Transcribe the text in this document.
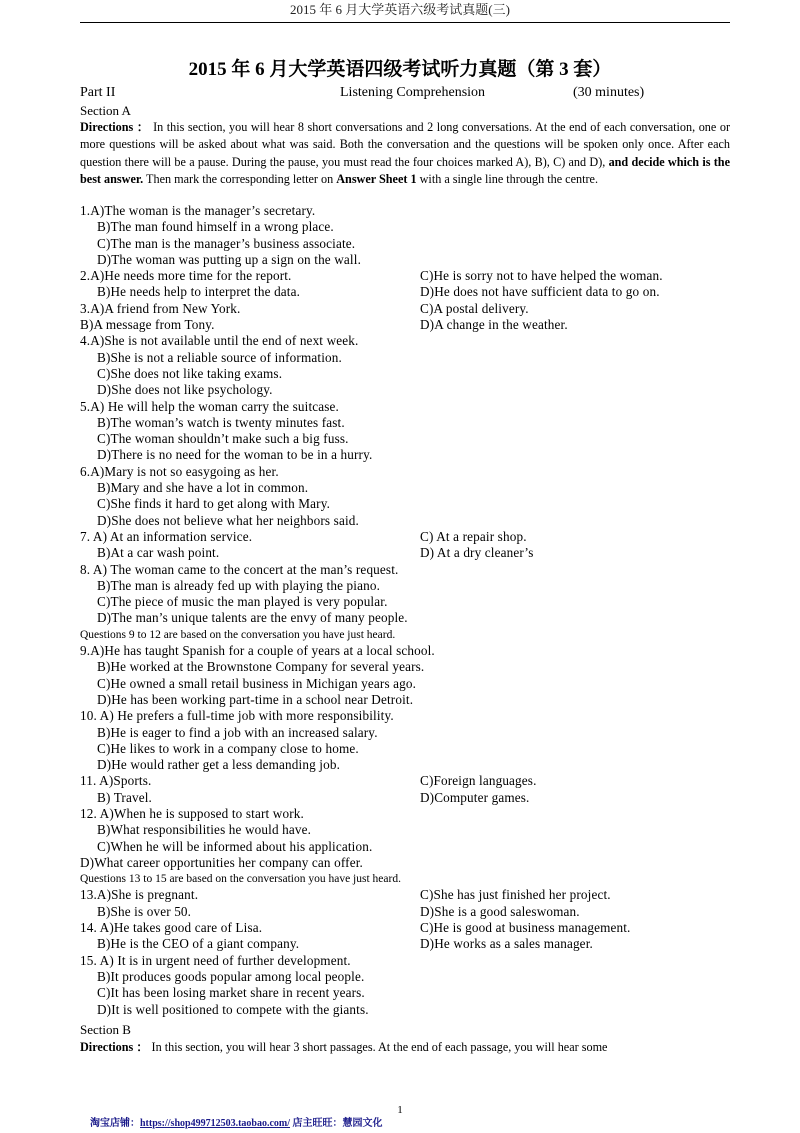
2015 年 6 月大学英语六级考试真题(三)
2015 年 6 月大学英语四级考试听力真题（第 3 套）
Part II	Listening Comprehension	(30 minutes)
Section A
Directions ： In this section, you will hear 8 short conversations and 2 long conversations. At the end of each conversation, one or more questions will be asked about what was said. Both the conversation and the questions will be spoken only once. After each question there will be a pause. During the pause, you must read the four choices marked A), B), C) and D), and decide which is the best answer. Then mark the corresponding letter on Answer Sheet 1 with a single line through the centre.
1.A)The woman is the manager’s secretary.
B)The man found himself in a wrong place.
C)The man is the manager’s business associate.
D)The woman was putting up a sign on the wall.
2.A)He needs more time for the report.	C)He is sorry not to have helped the woman.
B)He needs help to interpret the data.	D)He does not have sufficient data to go on.
3.A)A friend from New York.	C)A postal delivery.
B)A message from Tony.	D)A change in the weather.
4.A)She is not available until the end of next week.
B)She is not a reliable source of information.
C)She does not like taking exams.
D)She does not like psychology.
5.A) He will help the woman carry the suitcase.
B)The woman’s watch is twenty minutes fast.
C)The woman shouldn’t make such a big fuss.
D)There is no need for the woman to be in a hurry.
6.A)Mary is not so easygoing as her.
B)Mary and she have a lot in common.
C)She finds it hard to get along with Mary.
D)She does not believe what her neighbors said.
7. A) At an information service.	C) At a repair shop.
B)At a car wash point.	D) At a dry cleaner’s
8. A) The woman came to the concert at the man’s request.
B)The man is already fed up with playing the piano.
C)The piece of music the man played is very popular.
D)The man’s unique talents are the envy of many people.
Questions 9 to 12 are based on the conversation you have just heard.
9.A)He has taught Spanish for a couple of years at a local school.
B)He worked at the Brownstone Company for several years.
C)He owned a small retail business in Michigan years ago.
D)He has been working part-time in a school near Detroit.
10. A) He prefers a full-time job with more responsibility.
B)He is eager to find a job with an increased salary.
C)He likes to work in a company close to home.
D)He would rather get a less demanding job.
11. A)Sports.	C)Foreign languages.
B) Travel.	D)Computer games.
12. A)When he is supposed to start work.
B)What responsibilities he would have.
C)When he will be informed about his application.
D)What career opportunities her company can offer.
Questions 13 to 15 are based on the conversation you have just heard.
13.A)She is pregnant.	C)She has just finished her project.
B)She is over 50.	D)She is a good saleswoman.
14. A)He takes good care of Lisa.	C)He is good at business management.
B)He is the CEO of a giant company.	D)He works as a sales manager.
15. A) It is in urgent need of further development.
B)It produces goods popular among local people.
C)It has been losing market share in recent years.
D)It is well positioned to compete with the giants.
Section B
Directions ： In this section, you will hear 3 short passages. At the end of each passage, you will hear some
1
淘宝店铺：https://shop499712503.taobao.com/ 店主旺旺：慧园文化
